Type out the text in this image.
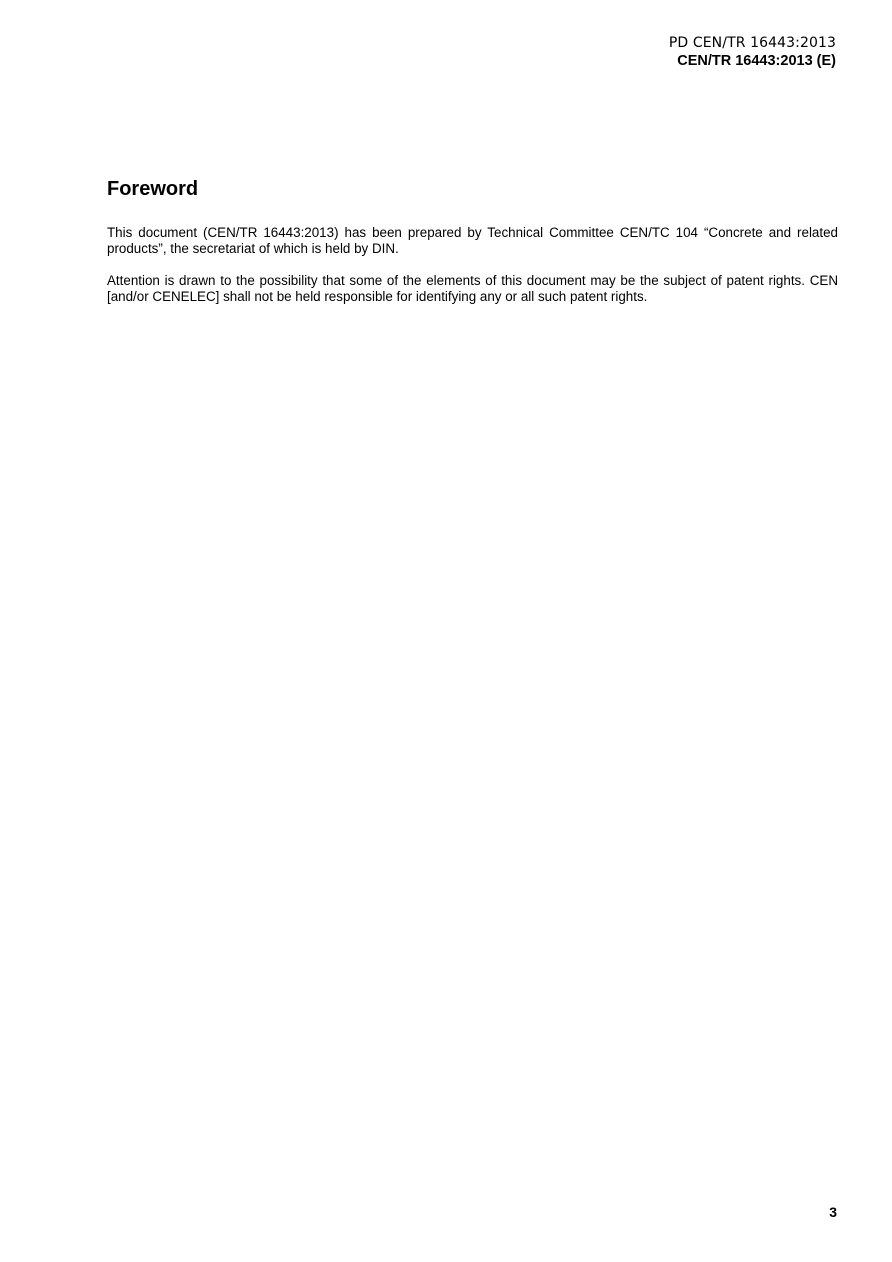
PD CEN/TR 16443:2013
CEN/TR 16443:2013 (E)
Foreword

This document (CEN/TR 16443:2013) has been prepared by Technical Committee CEN/TC 104 “Concrete and related products”, the secretariat of which is held by DIN.

Attention is drawn to the possibility that some of the elements of this document may be the subject of patent rights. CEN [and/or CENELEC] shall not be held responsible for identifying any or all such patent rights.

3
